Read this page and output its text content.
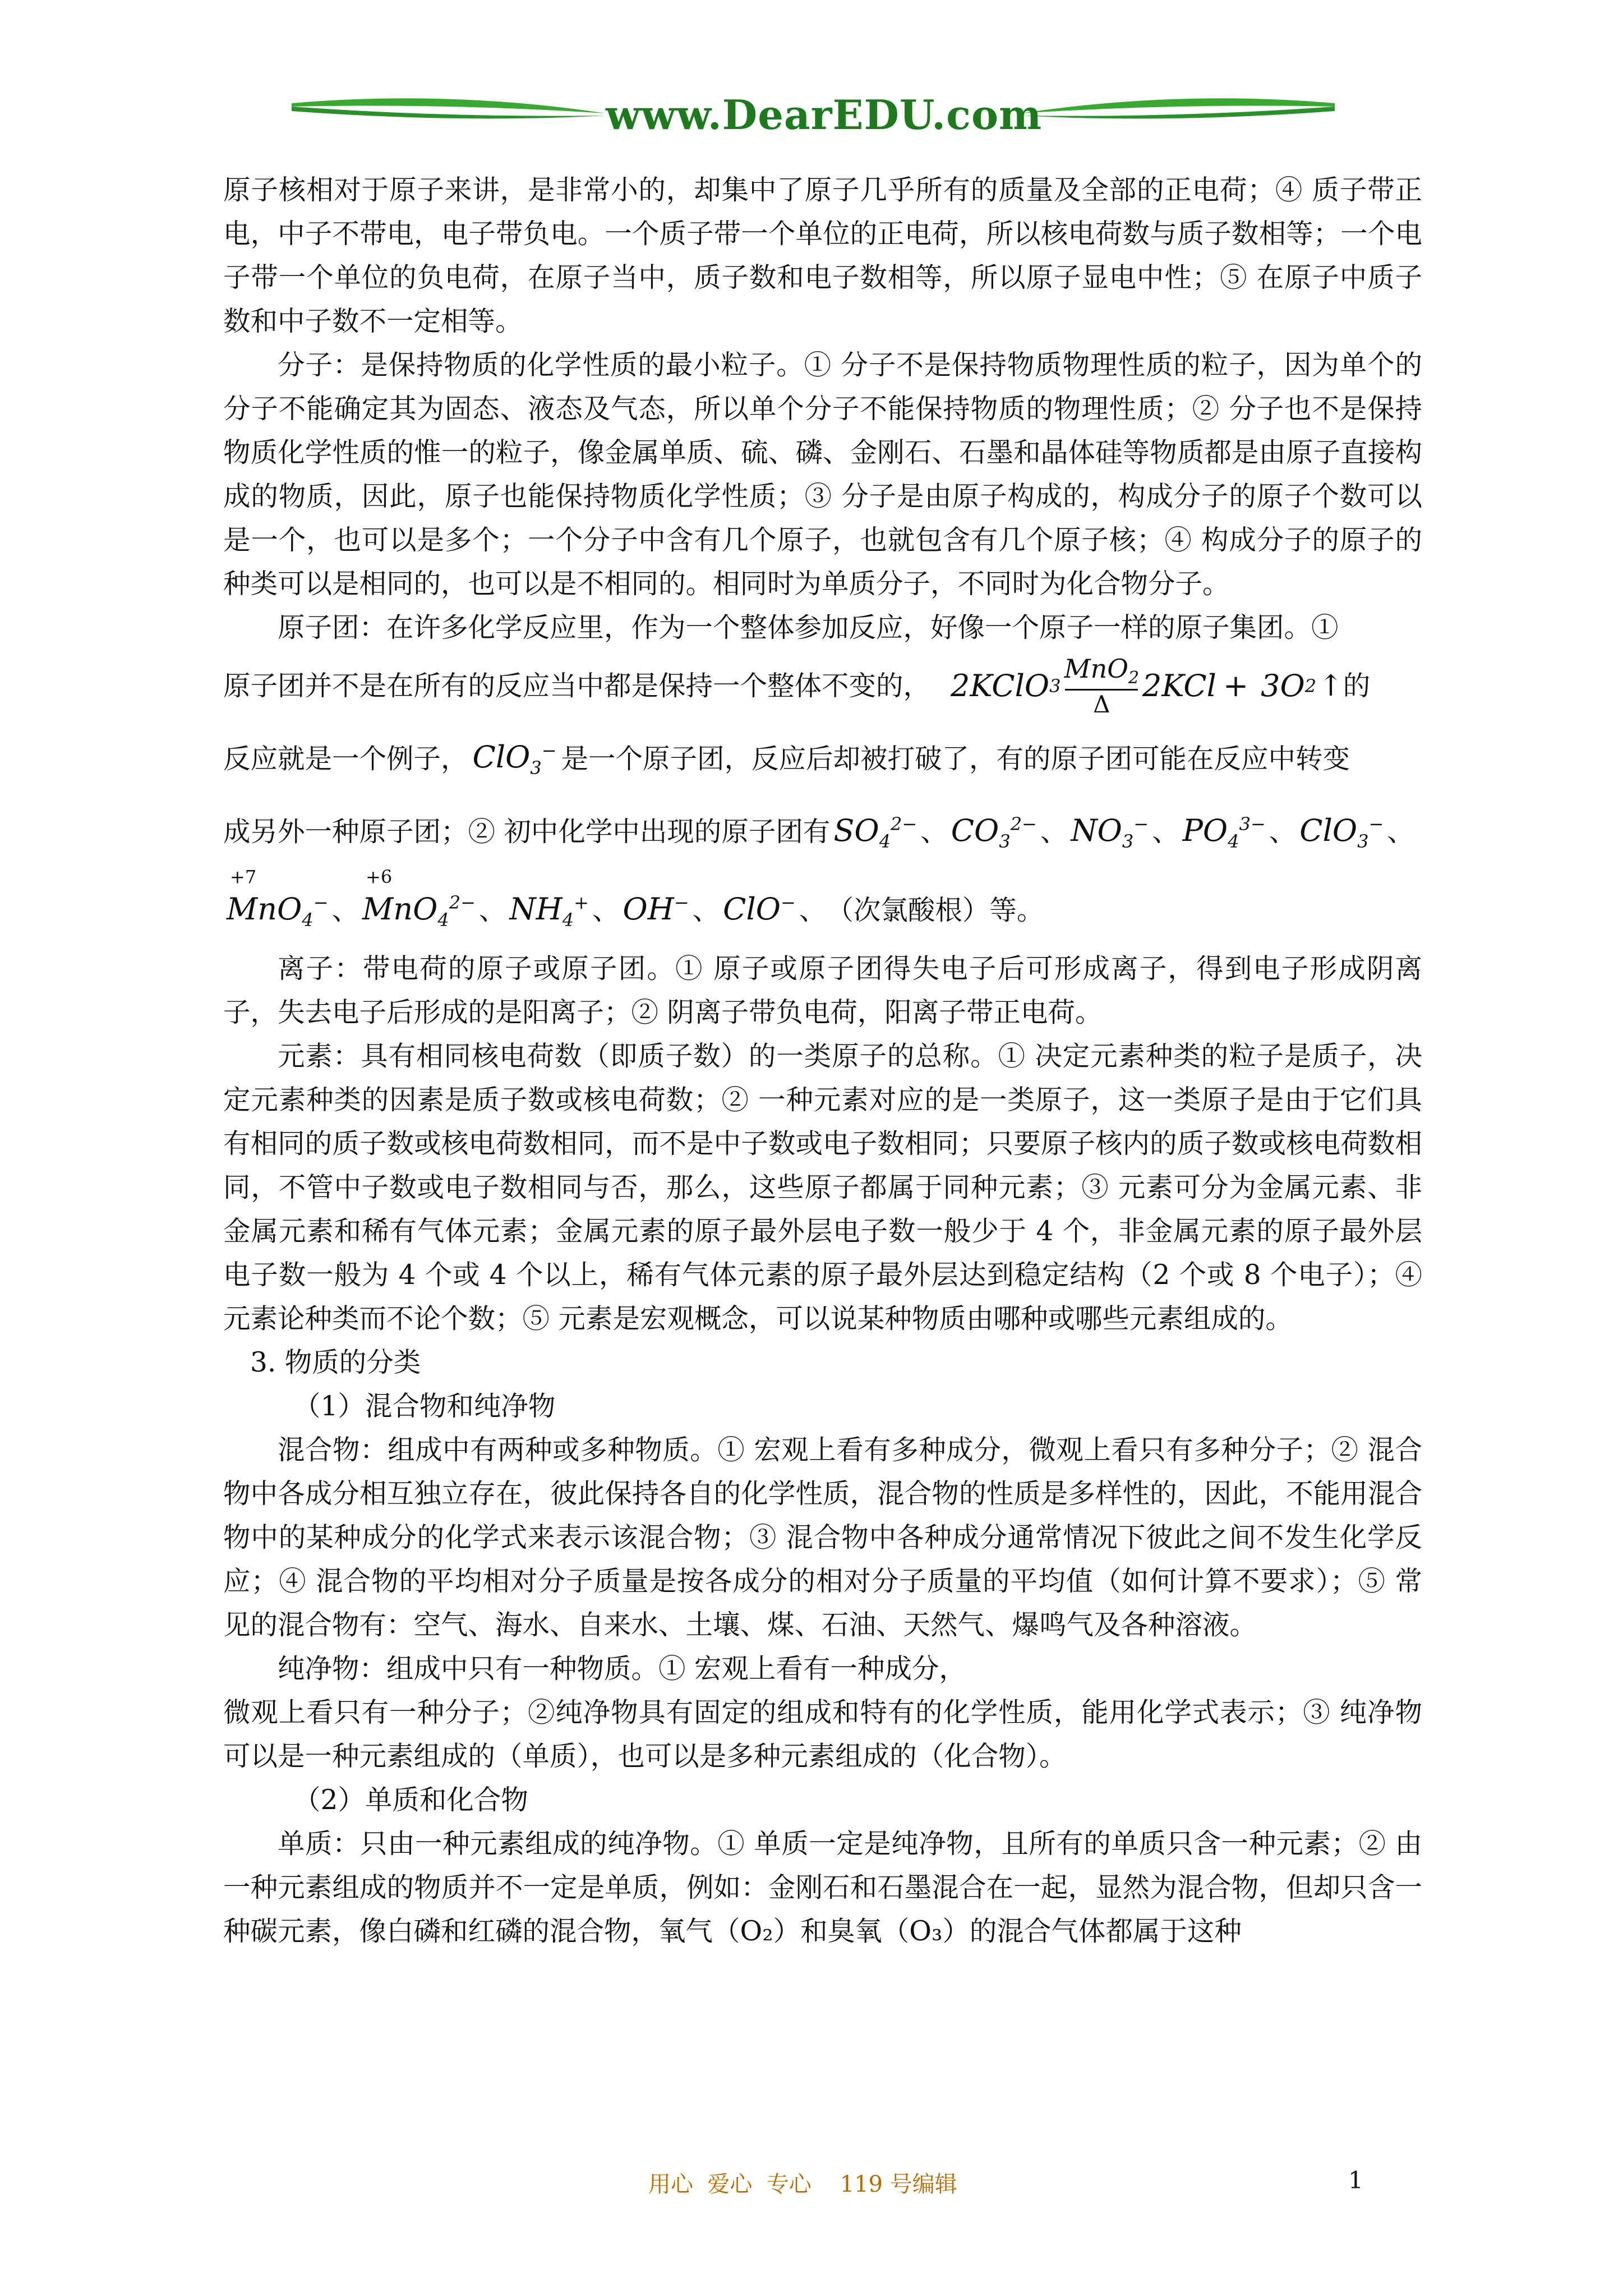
www.DearEDU.com

原子核相对于原子来讲，是非常小的，却集中了原子几乎所有的质量及全部的正电荷；④ 质子带正电，中子不带电，电子带负电。一个质子带一个单位的正电荷，所以核电荷数与质子数相等；一个电子带一个单位的负电荷，在原子当中，质子数和电子数相等，所以原子显电中性；⑤ 在原子中质子数和中子数不一定相等。

分子：是保持物质的化学性质的最小粒子。① 分子不是保持物质物理性质的粒子，因为单个的分子不能确定其为固态、液态及气态，所以单个分子不能保持物质的物理性质；② 分子也不是保持物质化学性质的惟一的粒子，像金属单质、硫、磷、金刚石、石墨和晶体硅等物质都是由原子直接构成的物质，因此，原子也能保持物质化学性质；③ 分子是由原子构成的，构成分子的原子个数可以是一个，也可以是多个；一个分子中含有几个原子，也就包含有几个原子核；④ 构成分子的原子的种类可以是相同的，也可以是不相同的。相同时为单质分子，不同时为化合物分子。

原子团：在许多化学反应里，作为一个整体参加反应，好像一个原子一样的原子集团。①

原子团并不是在所有的反应当中都是保持一个整体不变的， 2 KClO 3
MnO$_2$
Δ
2 KCl + 3 O 2 ↑ 的
反应就是一个例子， ClO$_3$− 是一个原子团，反应后却被打破了，有的原子团可能在反应中转变
成另外一种原子团；② 初中化学中出现的原子团有 $SO_4^{2-}$ 、 $CO_3^{2-}$ 、 $NO_3^-$ 、 $PO_4^{3-}$ 、 ClO$_3$− 、
+7
MnO$_4$− 、
+6
MnO$_4^{2-}$ 、 $NH_4^+$ 、 OH− 、 ClO− 、 （次氯酸根）等。

离子：带电荷的原子或原子团。① 原子或原子团得失电子后可形成离子，得到电子形成阴离子，失去电子后形成的是阳离子；② 阴离子带负电荷，阳离子带正电荷。

元素：具有相同核电荷数（即质子数）的一类原子的总称。① 决定元素种类的粒子是质子，决定元素种类的因素是质子数或核电荷数；② 一种元素对应的是一类原子，这一类原子是由于它们具有相同的质子数或核电荷数相同，而不是中子数或电子数相同；只要原子核内的质子数或核电荷数相同，不管中子数或电子数相同与否，那么，这些原子都属于同种元素；③ 元素可分为金属元素、非金属元素和稀有气体元素；金属元素的原子最外层电子数一般少于 4 个，非金属元素的原子最外层电子数一般为 4 个或 4 个以上，稀有气体元素的原子最外层达到稳定结构（2 个或 8 个电子）；④ 元素论种类而不论个数；⑤ 元素是宏观概念，可以说某种物质由哪种或哪些元素组成的。

3. 物质的分类

（1）混合物和纯净物

混合物：组成中有两种或多种物质。① 宏观上看有多种成分，微观上看只有多种分子；② 混合物中各成分相互独立存在，彼此保持各自的化学性质，混合物的性质是多样性的，因此，不能用混合物中的某种成分的化学式来表示该混合物；③ 混合物中各种成分通常情况下彼此之间不发生化学反应；④ 混合物的平均相对分子质量是按各成分的相对分子质量的平均值（如何计算不要求）；⑤ 常见的混合物有：空气、海水、自来水、土壤、煤、石油、天然气、爆鸣气及各种溶液。

纯净物：组成中只有一种物质。① 宏观上看有一种成分，

微观上看只有一种分子；②纯净物具有固定的组成和特有的化学性质，能用化学式表示；③ 纯净物可以是一种元素组成的（单质），也可以是多种元素组成的（化合物）。

（2）单质和化合物

单质：只由一种元素组成的纯净物。① 单质一定是纯净物，且所有的单质只含一种元素；② 由一种元素组成的物质并不一定是单质，例如：金刚石和石墨混合在一起，显然为混合物，但却只含一种碳元素，像白磷和红磷的混合物，氧气（O₂）和臭氧（O₃）的混合气体都属于这种

用心  爱心  专心    119 号编辑	1
